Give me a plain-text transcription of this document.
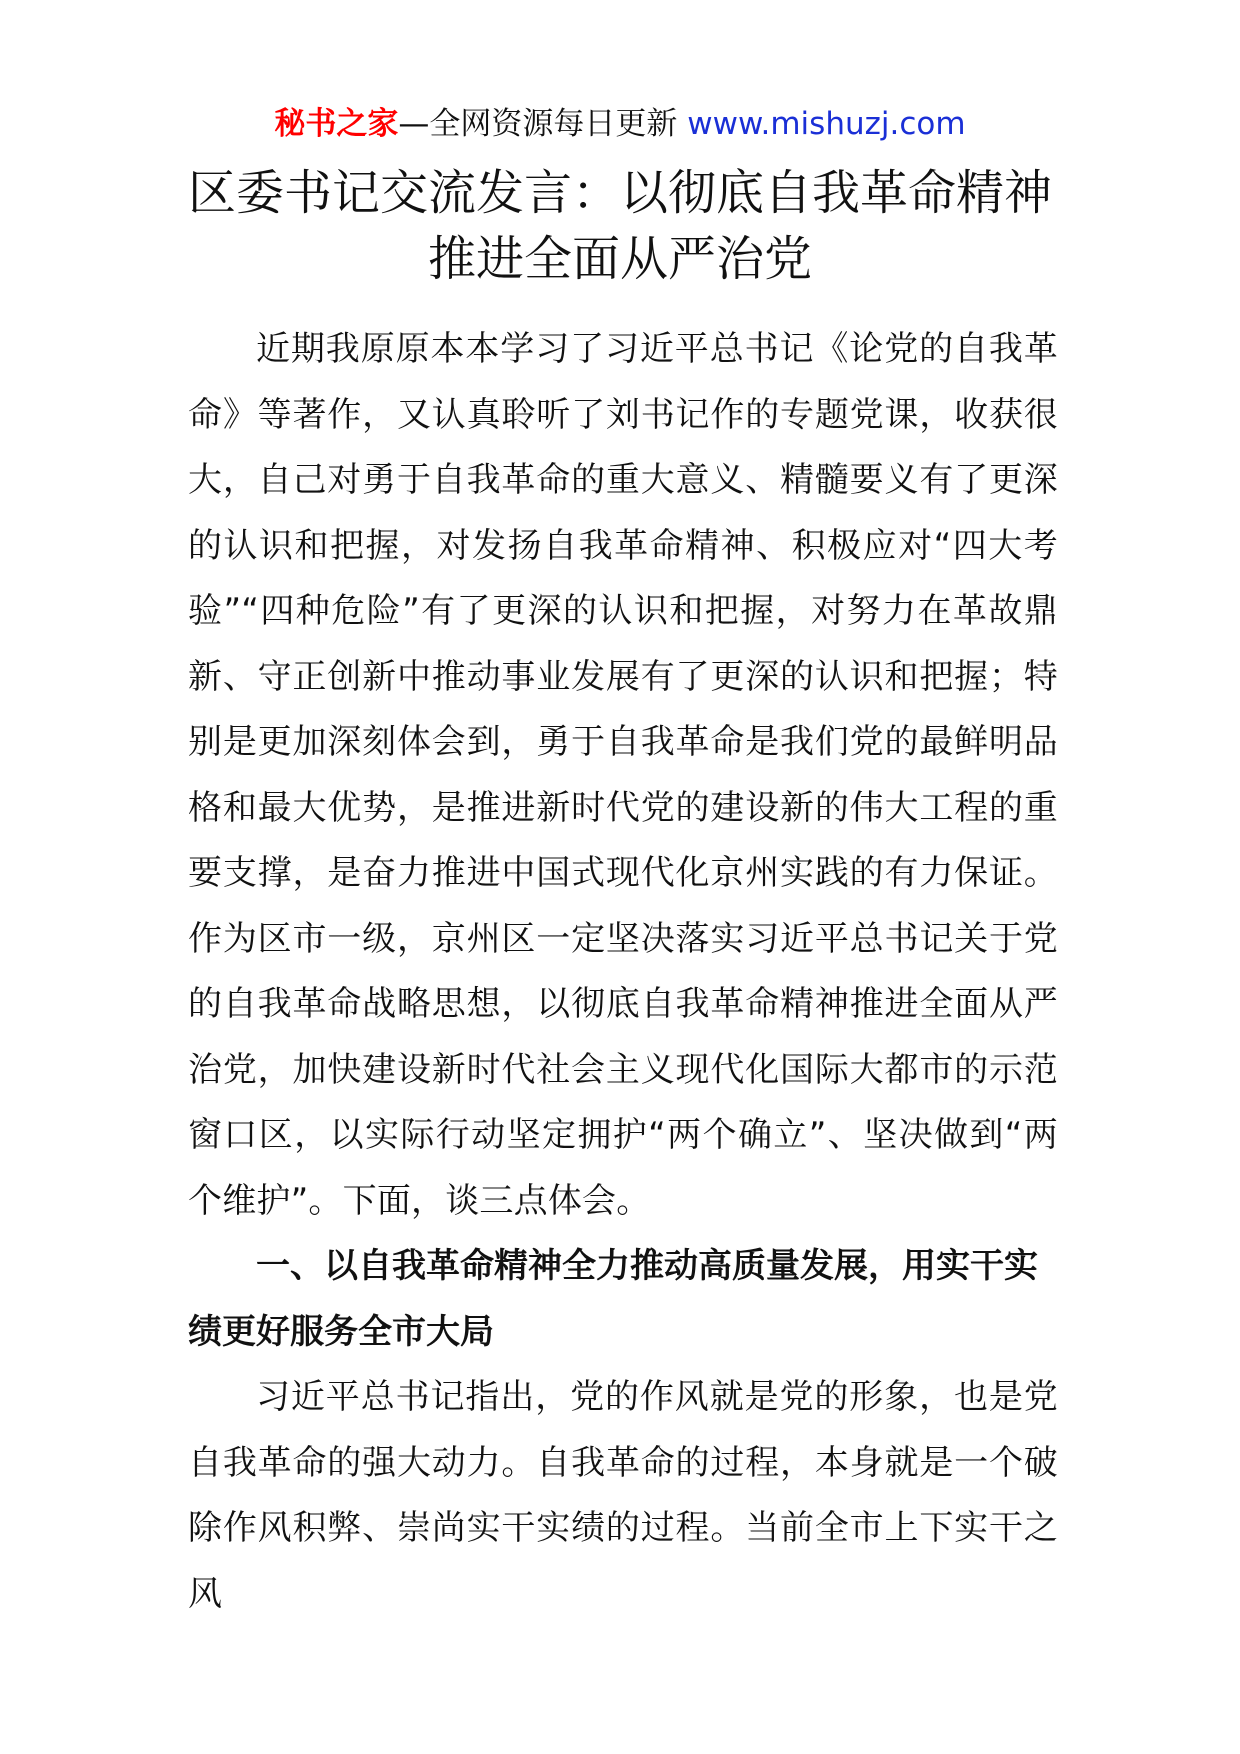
秘书之家—全网资源每日更新 www.mishuzj.com
区委书记交流发言：以彻底自我革命精神
推进全面从严治党

近期我原原本本学习了习近平总书记《论党的自我革命》等著作，又认真聆听了刘书记作的专题党课，收获很大，自己对勇于自我革命的重大意义、精髓要义有了更深的认识和把握，对发扬自我革命精神、积极应对“四大考验”“四种危险”有了更深的认识和把握，对努力在革故鼎新、守正创新中推动事业发展有了更深的认识和把握；特别是更加深刻体会到，勇于自我革命是我们党的最鲜明品格和最大优势，是推进新时代党的建设新的伟大工程的重要支撑，是奋力推进中国式现代化京州实践的有力保证。作为区市一级，京州区一定坚决落实习近平总书记关于党的自我革命战略思想，以彻底自我革命精神推进全面从严治党，加快建设新时代社会主义现代化国际大都市的示范窗口区，以实际行动坚定拥护“两个确立”、坚决做到“两个维护”。下面，谈三点体会。

一、以自我革命精神全力推动高质量发展，用实干实绩更好服务全市大局

习近平总书记指出，党的作风就是党的形象，也是党自我革命的强大动力。自我革命的过程，本身就是一个破除作风积弊、崇尚实干实绩的过程。当前全市上下实干之风
